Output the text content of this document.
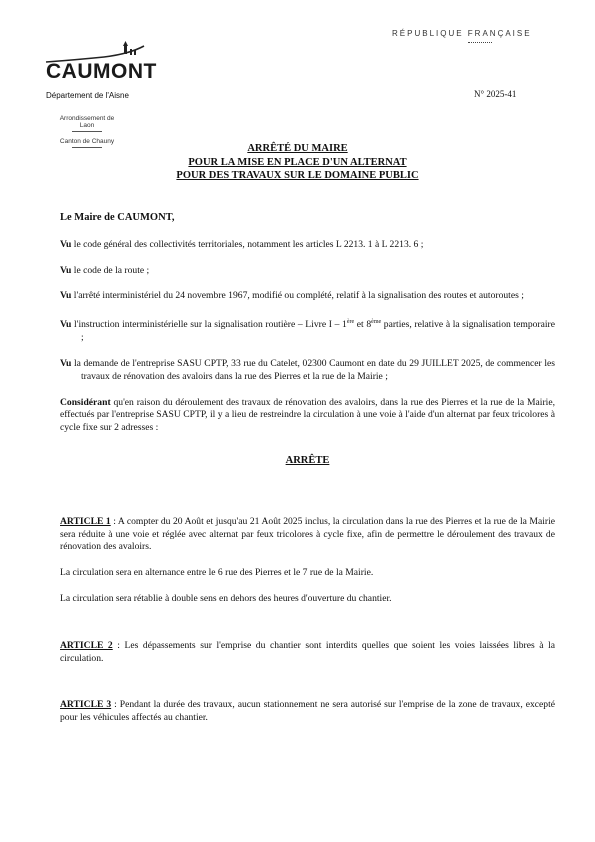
CAUMONT
Département de l'Aisne
Arrondissement de Laon
Canton de Chauny
RÉPUBLIQUE FRANÇAISE
N° 2025-41
ARRÊTÉ DU MAIRE
POUR LA MISE EN PLACE D'UN ALTERNAT
POUR DES TRAVAUX SUR LE DOMAINE PUBLIC

Le Maire de CAUMONT,

Vu le code général des collectivités territoriales, notamment les articles L 2213. 1 à L 2213. 6 ;

Vu le code de la route ;

Vu l'arrêté interministériel du 24 novembre 1967, modifié ou complété, relatif à la signalisation des routes et autoroutes ;

Vu l'instruction interministérielle sur la signalisation routière – Livre I – 1ère et 8ème parties, relative à la signalisation temporaire ;

Vu la demande de l'entreprise SASU CPTP, 33 rue du Catelet, 02300 Caumont en date du 29 JUILLET 2025, de commencer les travaux de rénovation des avaloirs dans la rue des Pierres et la rue de la Mairie ;

Considérant qu'en raison du déroulement des travaux de rénovation des avaloirs, dans la rue des Pierres et la rue de la Mairie, effectués par l'entreprise SASU CPTP, il y a lieu de restreindre la circulation à une voie à l'aide d'un alternat par feux tricolores à cycle fixe sur 2 adresses :

ARRÊTE

ARTICLE 1 : A compter du 20 Août et jusqu'au 21 Août 2025 inclus, la circulation dans la rue des Pierres et la rue de la Mairie sera réduite à une voie et réglée avec alternat par feux tricolores à cycle fixe, afin de permettre le déroulement des travaux de rénovation des avaloirs.

La circulation sera en alternance entre le 6 rue des Pierres et le 7 rue de la Mairie.

La circulation sera rétablie à double sens en dehors des heures d'ouverture du chantier.

ARTICLE 2 : Les dépassements sur l'emprise du chantier sont interdits quelles que soient les voies laissées libres à la circulation.

ARTICLE 3 : Pendant la durée des travaux, aucun stationnement ne sera autorisé sur l'emprise de la zone de travaux, excepté pour les véhicules affectés au chantier.
